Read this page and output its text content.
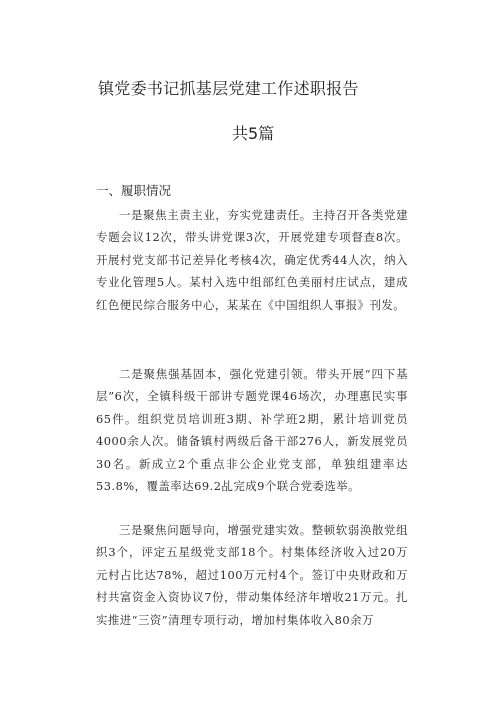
镇党委书记抓基层党建工作述职报告
共5篇
一、履职情况

一是聚焦主责主业，夯实党建责任。主持召开各类党建专题会议12次，带头讲党课3次，开展党建专项督查8次。开展村党支部书记差异化考核4次，确定优秀44人次，纳入专业化管理5人。某村入选中组部红色美丽村庄试点，建成红色便民综合服务中心，某某在《中国组织人事报》刊发。

二是聚焦强基固本，强化党建引领。带头开展“四下基层”6次，全镇科级干部讲专题党课46场次，办理惠民实事65件。组织党员培训班3期、补学班2期，累计培训党员4000余人次。储备镇村两级后备干部276人，新发展党员30名。新成立2个重点非公企业党支部，单独组建率达53.8%，覆盖率达69.2乩完成9个联合党委选举。

三是聚焦问题导向，增强党建实效。整顿软弱涣散党组织3个，评定五星级党支部18个。村集体经济收入过20万元村占比达78%，超过100万元村4个。签订中央财政和万村共富资金入资协议7份，带动集体经济年增收21万元。扎实推进“三资”清理专项行动，增加村集体收入80余万
